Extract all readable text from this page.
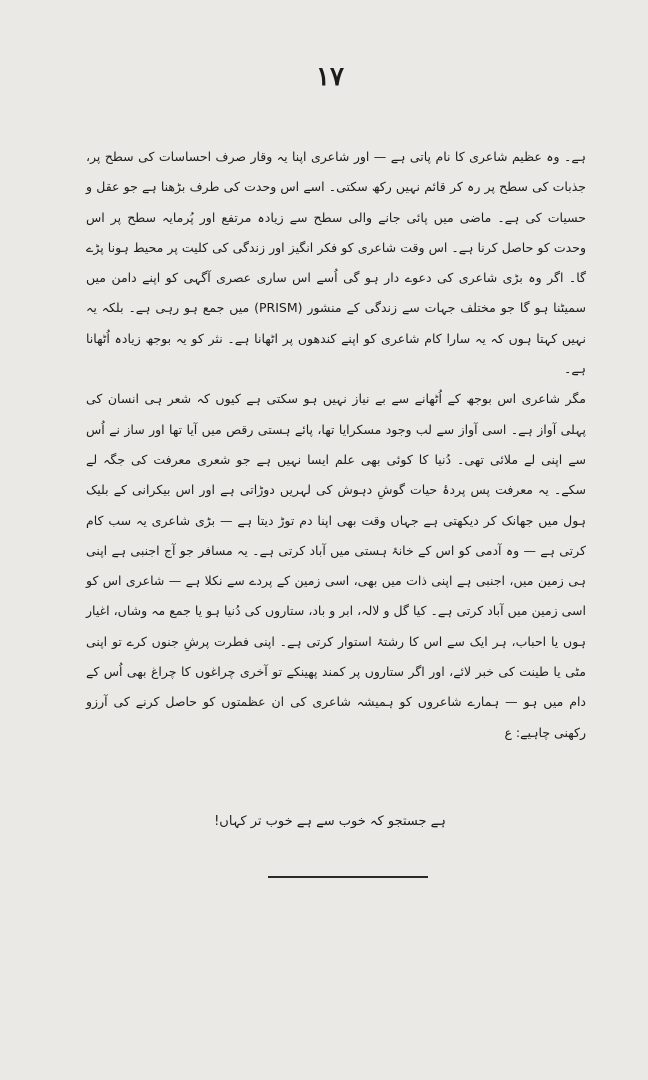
۱۷

ہے۔ وہ عظیم شاعری کا نام پاتی ہے — اور شاعری اپنا یہ وقار صرف احساسات کی سطح پر، جذبات کی سطح پر رہ کر قائم نہیں رکھ سکتی۔ اسے اس وحدت کی طرف بڑھنا ہے جو عقل و حسیات کی ہے۔ ماضی میں پائی جانے والی سطح سے زیادہ مرتفع اور پُرمایہ سطح پر اس وحدت کو حاصل کرنا ہے۔ اس وقت شاعری کو فکر انگیز اور زندگی کی کلیت پر محیط ہونا پڑے گا۔ اگر وہ بڑی شاعری کی دعوے دار ہو گی اُسے اس ساری عصری آگہی کو اپنے دامن میں سمیٹنا ہو گا جو مختلف جہات سے زندگی کے منشور (PRISM) میں جمع ہو رہی ہے۔ بلکہ یہ نہیں کہتا ہوں کہ یہ سارا کام شاعری کو اپنے کندھوں پر اٹھانا ہے۔ نثر کو یہ بوجھ زیادہ اُٹھانا ہے۔

مگر شاعری اس بوجھ کے اُٹھانے سے بے نیاز نہیں ہو سکتی ہے کیوں کہ شعر ہی انسان کی پہلی آواز ہے۔ اسی آواز سے لب وجود مسکرایا تھا، پائے ہستی رقص میں آیا تھا اور ساز نے اُس سے اپنی لے ملائی تھی۔ دُنیا کا کوئی بھی علم ایسا نہیں ہے جو شعری معرفت کی جگہ لے سکے۔ یہ معرفت پس پردۂ حیات گوشِ دہوش کی لہریں دوڑاتی ہے اور اس بیکرانی کے بلیک ہول میں جھانک کر دیکھتی ہے جہاں وقت بھی اپنا دم توڑ دیتا ہے — بڑی شاعری یہ سب کام کرتی ہے — وہ آدمی کو اس کے خانۂ ہستی میں آباد کرتی ہے۔ یہ مسافر جو آج اجنبی ہے اپنی ہی زمین میں، اجنبی ہے اپنی ذات میں بھی، اسی زمین کے پردے سے نکلا ہے — شاعری اس کو اسی زمین میں آباد کرتی ہے۔ کیا گل و لالہ، ابر و باد، ستاروں کی دُنیا ہو یا جمع مہ وشاں، اغیار ہوں یا احباب، ہر ایک سے اس کا رشتۂ استوار کرتی ہے۔ اپنی فطرت پرشِ جنوں کرے تو اپنی مٹی یا طینت کی خبر لائے، اور اگر ستاروں پر کمند پھینکے تو آخری چراغوں کا چراغ بھی اُس کے دام میں ہو — ہمارے شاعروں کو ہمیشہ شاعری کی ان عظمتوں کو حاصل کرنے کی آرزو رکھنی چاہیے: ع

ہے جستجو کہ خوب سے ہے خوب تر کہاں!
